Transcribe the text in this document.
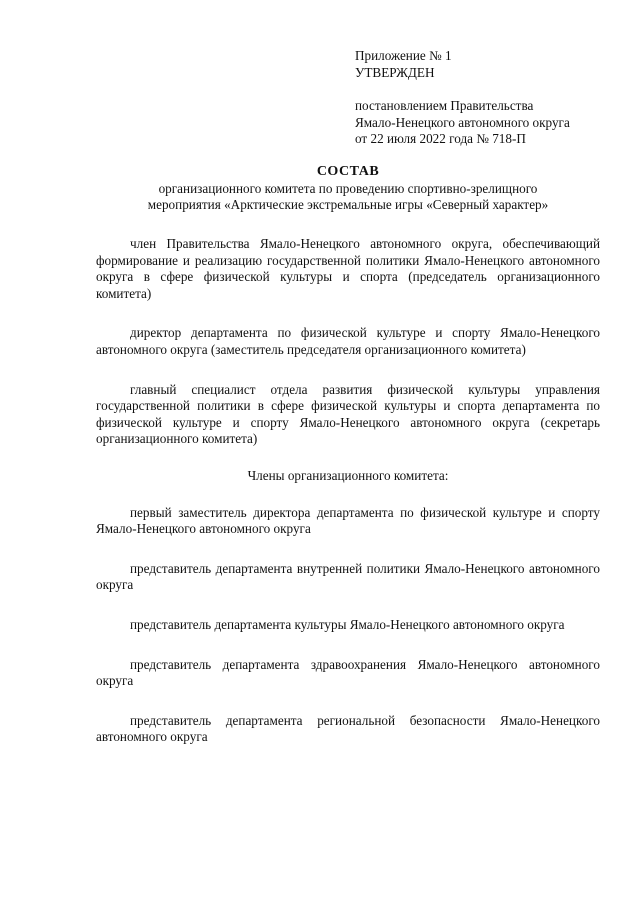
Приложение № 1
УТВЕРЖДЕН
постановлением Правительства
Ямало-Ненецкого автономного округа
от 22 июля 2022 года № 718-П
СОСТАВ
организационного комитета по проведению спортивно-зрелищного
мероприятия «Арктические экстремальные игры «Северный характер»

член Правительства Ямало-Ненецкого автономного округа, обеспечивающий формирование и реализацию государственной политики Ямало-Ненецкого автономного округа в сфере физической культуры и спорта (председатель организационного комитета)

директор департамента по физической культуре и спорту Ямало-Ненецкого автономного округа (заместитель председателя организационного комитета)

главный специалист отдела развития физической культуры управления государственной политики в сфере физической культуры и спорта департамента по физической культуре и спорту Ямало-Ненецкого автономного округа (секретарь организационного комитета)

Члены организационного комитета:

первый заместитель директора департамента по физической культуре и спорту Ямало-Ненецкого автономного округа

представитель департамента внутренней политики Ямало-Ненецкого автономного округа

представитель департамента культуры Ямало-Ненецкого автономного округа

представитель департамента здравоохранения Ямало-Ненецкого автономного округа

представитель департамента региональной безопасности Ямало-Ненецкого автономного округа
